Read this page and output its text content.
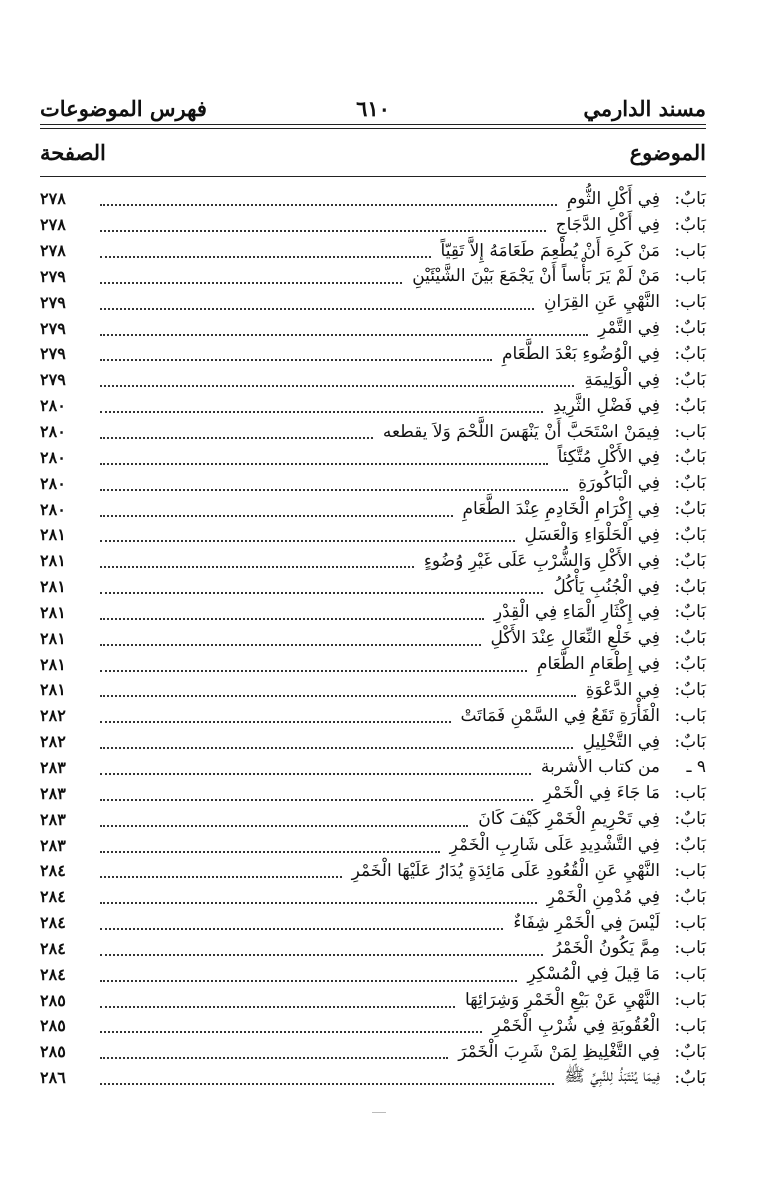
مسند الدارمي
٦١٠
فهرس الموضوعات
الموضوع
الصفحة
بَابٌ:
فِي أَكْلِ الثُّومِ
٢٧٨
بَابٌ:
فِي أَكْلِ الدَّجَاجِ
٢٧٨
بَاب:
مَنْ كَرِهَ أَنْ يُطْعِمَ طَعَامَهُ إِلاَّ تَقِيّاً
٢٧٨
بَاب:
مَنْ لَمْ يَرَ بَأْساً أَنْ يَجْمَعَ بَيْنَ الشَّيْئَيْنِ
٢٧٩
بَاب:
النَّهْيِ عَنِ القِرَانِ
٢٧٩
بَابٌ:
فِي التَّمْرِ
٢٧٩
بَابٌ:
فِي الْوُضُوءِ بَعْدَ الطَّعَامِ
٢٧٩
بَابٌ:
فِي الْوَلِيمَةِ
٢٧٩
بَابٌ:
فِي فَضْلِ الثَّرِيدِ
٢٨٠
بَاب:
فِيمَنْ اسْتَحَبَّ أَنْ يَنْهَسَ اللَّحْمَ وَلاَ يقطعه
٢٨٠
بَابٌ:
فِي الأَكْلِ مُتَّكِئاً
٢٨٠
بَابٌ:
فِي الْبَاكُورَةِ
٢٨٠
بَابٌ:
فِي إِكْرَامِ الْخَادِمِ عِنْدَ الطَّعَامِ
٢٨٠
بَابٌ:
فِي الْحَلْوَاءِ وَالْعَسَلِ
٢٨١
بَابٌ:
فِي الأَكْلِ وَالشُّرْبِ عَلَى غَيْرِ وُضُوءٍ
٢٨١
بَابٌ:
فِي الْجُنُبِ يَأْكُلُ
٢٨١
بَابٌ:
فِي إِكْثَارِ الْمَاءِ فِي الْقِدْرِ
٢٨١
بَابٌ:
فِي خَلْعِ النِّعَالِ عِنْدَ الأَكْلِ
٢٨١
بَابٌ:
فِي إِطْعَامِ الطَّعَامِ
٢٨١
بَابٌ:
فِي الدَّعْوَةِ
٢٨١
بَاب:
الْفَأْرَةِ تَقَعُ فِي السَّمْنِ فَمَاتَتْ
٢٨٢
بَابٌ:
فِي التَّخْلِيلِ
٢٨٢
٩ ـ
من كتاب الأشربة
٢٨٣
بَاب:
مَا جَاءَ فِي الْخَمْرِ
٢٨٣
بَابٌ:
فِي تَحْرِيمِ الْخَمْرِ كَيْفَ كَانَ
٢٨٣
بَابٌ:
فِي التَّشْدِيدِ عَلَى شَارِبِ الْخَمْرِ
٢٨٣
بَاب:
النَّهْيِ عَنِ الْقُعُودِ عَلَى مَائِدَةٍ يُدَارُ عَلَيْهَا الْخَمْرِ
٢٨٤
بَابٌ:
فِي مُدْمِنِ الْخَمْرِ
٢٨٤
بَاب:
لَيْسَ فِي الْخَمْرِ شِفَاءٌ
٢٨٤
بَاب:
مِمَّ يَكُونُ الْخَمْرُ
٢٨٤
بَاب:
مَا قِيلَ فِي الْمُسْكِرِ
٢٨٤
بَاب:
النَّهْيِ عَنْ بَيْعِ الْخَمْرِ وَشِرَائِهَا
٢٨٥
بَاب:
الْعُقُوبَةِ فِي شُرْبِ الْخَمْرِ
٢٨٥
بَابٌ:
فِي التَّغْلِيظِ لِمَنْ شَرِبَ الْخَمْرَ
٢٨٥
بَابٌ:
فِيمَا يُنْتَبَذُ لِلنَّبِيِّ ﷺ
٢٨٦
